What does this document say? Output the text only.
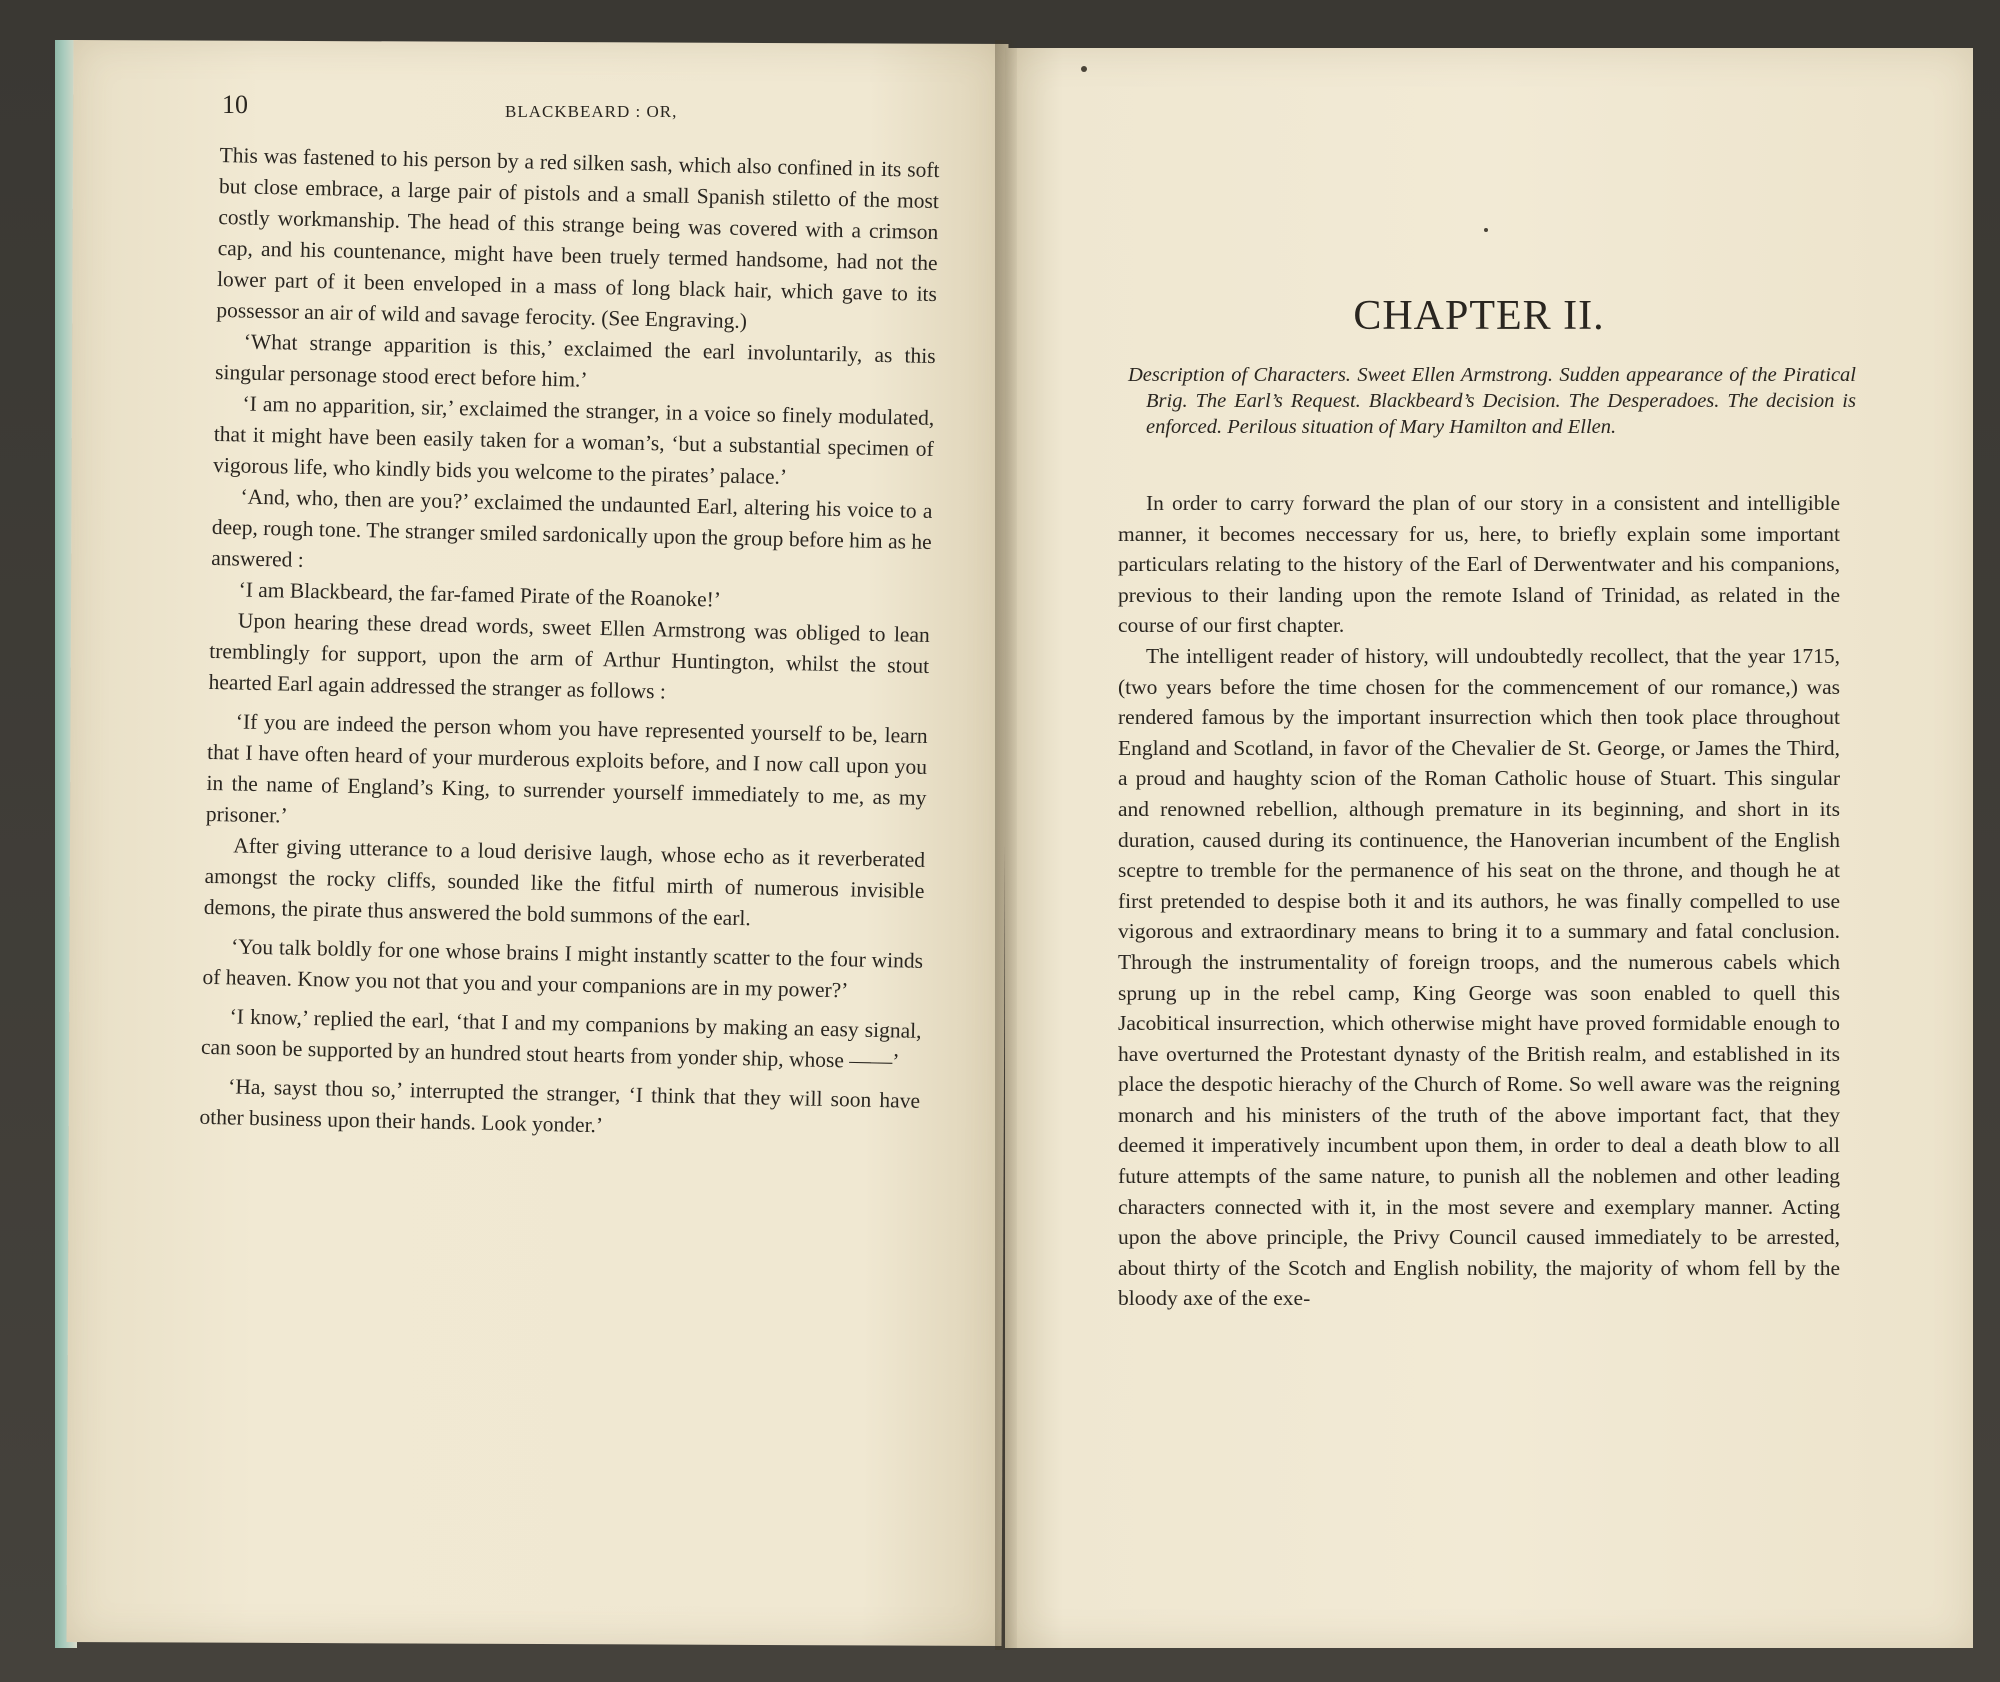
10	BLACKBEARD : OR,

This was fastened to his person by a red silken sash, which also confined in its soft but close embrace, a large pair of pistols and a small Spanish stiletto of the most costly workmanship. The head of this strange being was covered with a crimson cap, and his countenance, might have been truely termed handsome, had not the lower part of it been enveloped in a mass of long black hair, which gave to its possessor an air of wild and savage ferocity. (See Engraving.)

‘What strange apparition is this,’ exclaimed the earl involuntarily, as this singular personage stood erect before him.’

‘I am no apparition, sir,’ exclaimed the stranger, in a voice so finely modulated, that it might have been easily taken for a woman’s, ‘but a substantial specimen of vigorous life, who kindly bids you welcome to the pirates’ palace.’

‘And, who, then are you?’ exclaimed the undaunted Earl, altering his voice to a deep, rough tone. The stranger smiled sardonically upon the group before him as he answered :

‘I am Blackbeard, the far-famed Pirate of the Roanoke!’

Upon hearing these dread words, sweet Ellen Armstrong was obliged to lean tremblingly for support, upon the arm of Arthur Huntington, whilst the stout hearted Earl again addressed the stranger as follows :

‘If you are indeed the person whom you have represented yourself to be, learn that I have often heard of your murderous exploits before, and I now call upon you in the name of England’s King, to surrender yourself immediately to me, as my prisoner.’

After giving utterance to a loud derisive laugh, whose echo as it reverberated amongst the rocky cliffs, sounded like the fitful mirth of numerous invisible demons, the pirate thus answered the bold summons of the earl.

‘You talk boldly for one whose brains I might instantly scatter to the four winds of heaven. Know you not that you and your companions are in my power?’

‘I know,’ replied the earl, ‘that I and my companions by making an easy signal, can soon be supported by an hundred stout hearts from yonder ship, whose ——’

‘Ha, sayst thou so,’ interrupted the stranger, ‘I think that they will soon have other business upon their hands. Look yonder.’

CHAPTER II.
Description of Characters. Sweet Ellen Armstrong. Sudden appearance of the Piratical Brig. The Earl’s Request. Blackbeard’s Decision. The Desperadoes. The decision is enforced. Perilous situation of Mary Hamilton and Ellen.

In order to carry forward the plan of our story in a consistent and intelligible manner, it becomes neccessary for us, here, to briefly explain some important particulars relating to the history of the Earl of Derwentwater and his companions, previous to their landing upon the remote Island of Trinidad, as related in the course of our first chapter.

The intelligent reader of history, will undoubtedly recollect, that the year 1715, (two years before the time chosen for the commencement of our romance,) was rendered famous by the important insurrection which then took place throughout England and Scotland, in favor of the Chevalier de St. George, or James the Third, a proud and haughty scion of the Roman Catholic house of Stuart. This singular and renowned rebellion, although premature in its beginning, and short in its duration, caused during its continuence, the Hanoverian incumbent of the English sceptre to tremble for the permanence of his seat on the throne, and though he at first pretended to despise both it and its authors, he was finally compelled to use vigorous and extraordinary means to bring it to a summary and fatal conclusion. Through the instrumentality of foreign troops, and the numerous cabels which sprung up in the rebel camp, King George was soon enabled to quell this Jacobitical insurrection, which otherwise might have proved formidable enough to have overturned the Protestant dynasty of the British realm, and established in its place the despotic hierachy of the Church of Rome. So well aware was the reigning monarch and his ministers of the truth of the above important fact, that they deemed it imperatively incumbent upon them, in order to deal a death blow to all future attempts of the same nature, to punish all the noblemen and other leading characters connected with it, in the most severe and exemplary manner. Acting upon the above principle, the Privy Council caused immediately to be arrested, about thirty of the Scotch and English nobility, the majority of whom fell by the bloody axe of the exe-
